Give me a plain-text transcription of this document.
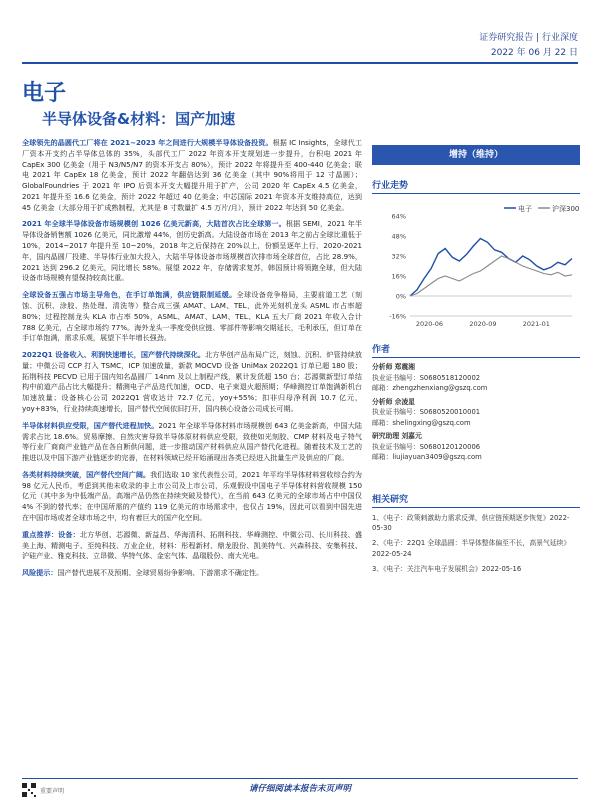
证券研究报告 | 行业深度
2022 年 06 月 22 日
电子
半导体设备&材料：国产加速

全球领先的晶圆代工厂将在 2021~2023 年之间进行大规模半导体设备投资。根据 IC Insights，全球代工厂资本开支约占半导体总体的 35%，头部代工厂 2022 年资本开支规划进一步提升，台积电 2021 年 CapEx 300 亿美金（用于 N3/N5/N7 的资本开支占 80%），预计 2022 年将提升至 400-440 亿美金；联电 2021 年 CapEx 18 亿美金，预计 2022 年翻倍达到 36 亿美金（其中 90%将用于 12 寸晶圆）；GlobalFoundries 于 2021 年 IPO 后资本开支大幅提升用于扩产，公司 2020 年 CapEx 4.5 亿美金，2021 年提升至 16.6 亿美金，预计 2022 年超过 40 亿美金；中芯国际 2021 年资本开支维持高位，达到 45 亿美金（大部分用于扩成熟制程，尤其是 8 寸数量扩 4.5 万片/月），预计 2022 年达到 50 亿美金。

2021 年全球半导体设备市场规模创 1026 亿美元新高，大陆首次占比全球第一。根据 SEMI，2021 年半导体设备销售额 1026 亿美元，同比激增 44%，创历史新高。大陆设备市场在 2013 年之前占全球比重低于 10%，2014~2017 年提升至 10~20%，2018 年之后保持在 20%以上，份额呈逐年上行，2020-2021 年，国内晶圆厂投建、半导体行业加大投入，大陆半导体设备市场规模首次排市场全球首位，占比 28.9%，2021 达到 296.2 亿美元，同比增长 58%。展望 2022 年，存储需求复苏，韩国预计将领跑全球，但大陆设备市场规模有望保持较高比重。

全球设备五强占市场主导角色，在手订单饱满，供应链限制延缓。全球设备竞争格局，主要前道工艺（刻蚀、沉积、涂胶、热处理、清洗等）整合成三强 AMAT、LAM、TEL，此外光刻机龙头 ASML 市占率超 80%；过程控制龙头 KLA 市占率 50%，ASML、AMAT、LAM、TEL、KLA 五大厂商 2021 年收入合计 788 亿美元，占全球市场约 77%。海外龙头一季度受供应链、零部件等影响交期延长，毛利承压，但订单在手订单饱满，需求乐观，展望下半年增长强劲。

2022Q1 设备收入、利润快速增长，国产替代持续深化。北方华创产品布局广泛，刻蚀、沉积、炉管持续放量；中微公司 CCP 打入 TSMC，ICP 加速放量，新款 MOCVD 设备 UniMax 2022Q1 订单已超 180 股；拓荆科技 PECVD 已用于国内知名晶圆厂 14nm 及以上制程产线，累计发货超 150 台；芯源微新型订单结构中前道产品占比大幅提升；精测电子产品迭代加速，OCD、电子束退火超预期；华峰测控订单饱满新机台加速放量；设备核心公司 2022Q1 营收达计 72.7 亿元，yoy+55%；扣非归母净利润 10.7 亿元，yoy+83%，行业持续高速增长，国产替代空间依旧打开，国内核心设备公司成长可期。

半导体材料供应受限，国产替代进程加快。2021 年全球半导体材料市场规模创 643 亿美金新高，中国大陆需求占比 18.6%。贸易摩擦、自然灾害导致半导体原材料供应受限，致使如光刻胶、CMP 材料及电子特气等行业厂商商产业链产品在各自断供问题，进一步推动国产材料供应从国产替代化进程。随着技术及工艺的推进以及中国下游产业链逐步的完善，在材料领域已经开始涌现出各类已经进入批量生产及供应的厂商。

各类材料持续突破，国产替代空间广阔。我们选取 10 家代表性公司，2021 年平均半导体材料营收综合约为 98 亿元人民币，考虑到其他未收录的非上市公司及上市公司，乐观假设中国电子半导体材料营收规模 150 亿元（其中多为中低端产品，高端产品仍然在持续突破及替代），在当前 643 亿美元的全球市场占中中国仅 4% 不到的替代率；在中国所需的产值约 119 亿美元的市场需求中，也仅占 19%，因此可以看到中国先进在中国市场或者全球市场之中，均有着巨大的国产化空间。

重点推荐：设备：北方华创、芯源微、新益昌、华海清科、拓荆科技、华峰测控、中微公司、长川科技、盛美上海、精测电子、至纯科技、万业企业，材料：彤程新材、鼎龙股份、凯美特气、兴森科技、安集科技、沪硅产业、雅克科技、立昂微、华特气体、金宏气体、晶瑞股份、南大光电。

风险提示：国产替代进展不及预期、全球贸易纷争影响、下游需求不确定性。

增持（维持）
行业走势
电子	沪深300
64%
48%
32%
16%
0%
-16%
2020-06	2020-09	2021-01
作者
分析师 郑震湘
执业证书编号：S0680518120002
邮箱：zhengzhenxiang@gszq.com
分析师 佘凌星
执业证书编号：S0680520010001
邮箱：shelingxing@gszq.com
研究助理 刘嘉元
执业证书编号：S0680120120006
邮箱：liujiayuan3409@gszq.com
相关研究
1、《电子：政策刺激助力需求反弹，供应链预期逐步恢复》2022-05-30
2、《电子：22Q1 全球晶圆：半导体整体偏至不长，高景气延续》2022-05-24
3、《电子：关注汽车电子发展机会》2022-05-16
重要声明	请仔细阅读本报告末页声明
